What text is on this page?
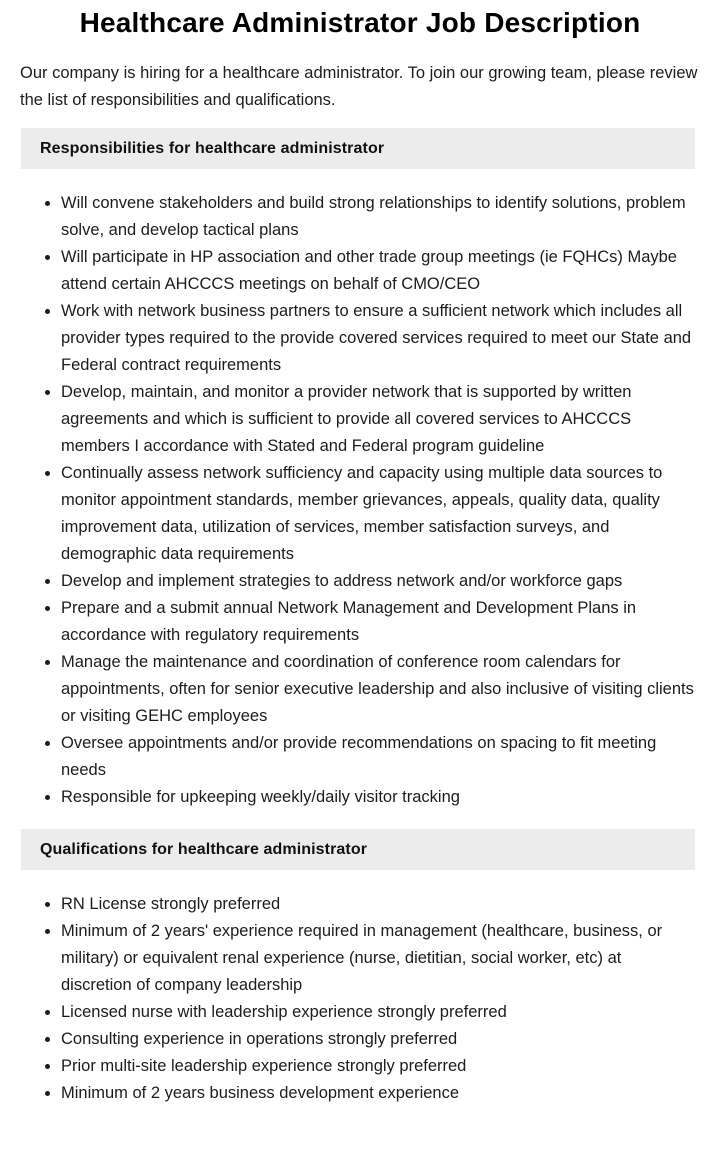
Healthcare Administrator Job Description

Our company is hiring for a healthcare administrator. To join our growing team, please review the list of responsibilities and qualifications.

Responsibilities for healthcare administrator
Will convene stakeholders and build strong relationships to identify solutions, problem solve, and develop tactical plans
Will participate in HP association and other trade group meetings (ie FQHCs) Maybe attend certain AHCCCS meetings on behalf of CMO/CEO
Work with network business partners to ensure a sufficient network which includes all provider types required to the provide covered services required to meet our State and Federal contract requirements
Develop, maintain, and monitor a provider network that is supported by written agreements and which is sufficient to provide all covered services to AHCCCS members I accordance with Stated and Federal program guideline
Continually assess network sufficiency and capacity using multiple data sources to monitor appointment standards, member grievances, appeals, quality data, quality improvement data, utilization of services, member satisfaction surveys, and demographic data requirements
Develop and implement strategies to address network and/or workforce gaps
Prepare and a submit annual Network Management and Development Plans in accordance with regulatory requirements
Manage the maintenance and coordination of conference room calendars for appointments, often for senior executive leadership and also inclusive of visiting clients or visiting GEHC employees
Oversee appointments and/or provide recommendations on spacing to fit meeting needs
Responsible for upkeeping weekly/daily visitor tracking
Qualifications for healthcare administrator
RN License strongly preferred
Minimum of 2 years' experience required in management (healthcare, business, or military) or equivalent renal experience (nurse, dietitian, social worker, etc) at discretion of company leadership
Licensed nurse with leadership experience strongly preferred
Consulting experience in operations strongly preferred
Prior multi-site leadership experience strongly preferred
Minimum of 2 years business development experience
